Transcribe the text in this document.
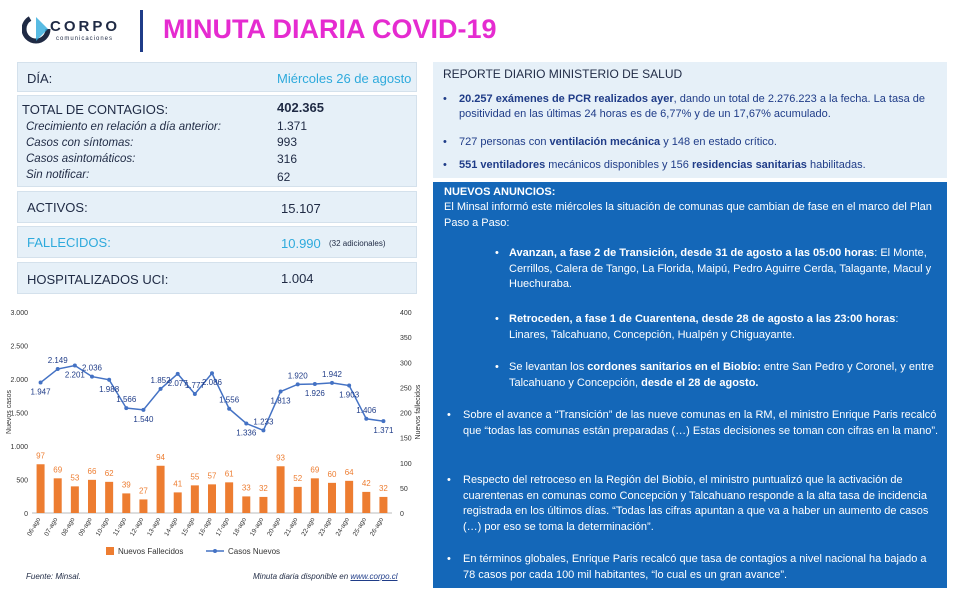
CORPO
comunicaciones MINUTA DIARIA COVID-19
DÍA:	Miércoles 26 de agosto
TOTAL DE CONTAGIOS:	402.365
Crecimiento en relación a día anterior:	1.371
Casos con síntomas:	993
Casos asintomáticos:	316
Sin notificar:	62
ACTIVOS:	15.107
FALLECIDOS:	10.990 (32 adicionales)
HOSPITALIZADOS UCI:	1.004
3.000
2.500
2.000
1.500
1.000
500
0
400
350
300
250
200
150
100
50
0
Nuevos casos	Nuevos fallecidos
97
69
53
66 62
39
27
94
41
55 57 61
33 32
93
52
69
60 64
42
32
1.947
2.149
2.201
2.036
1.988
1.566
1.540
1.852
2.077
1.777
2.086
1.556
1.336
1.233
1.813
1.920
1.926
1.942
1.903
1.406
1.371
06-ago 07-ago 08-ago 09-ago 10-ago 11-ago 12-ago 13-ago 14-ago 15-ago 16-ago 17-ago 18-ago 19-ago 20-ago 21-ago 22-ago 23-ago 24-ago 25-ago 26-ago
Nuevos Fallecidos	Casos Nuevos
Fuente: Minsal.	Minuta diaria disponible en www.corpo.cl
REPORTE DIARIO MINISTERIO DE SALUD
• 20.257 exámenes de PCR realizados ayer, dando un total de 2.276.223 a la fecha. La tasa de positividad en las últimas 24 horas es de 6,77% y de un 17,67% acumulado.
• 727 personas con ventilación mecánica y 148 en estado crítico.
• 551 ventiladores mecánicos disponibles y 156 residencias sanitarias habilitadas.
NUEVOS ANUNCIOS:
El Minsal informó este miércoles la situación de comunas que cambian de fase en el marco del Plan Paso a Paso:
• Avanzan, a fase 2 de Transición, desde 31 de agosto a las 05:00 horas: El Monte, Cerrillos, Calera de Tango, La Florida, Maipú, Pedro Aguirre Cerda, Talagante, Macul y Huechuraba.
• Retroceden, a fase 1 de Cuarentena, desde 28 de agosto a las 23:00 horas: Linares, Talcahuano, Concepción, Hualpén y Chiguayante.
• Se levantan los cordones sanitarios en el Biobío: entre San Pedro y Coronel, y entre Talcahuano y Concepción, desde el 28 de agosto.
• Sobre el avance a “Transición” de las nueve comunas en la RM, el ministro Enrique Paris recalcó que “todas las comunas están preparadas (…) Estas decisiones se toman con cifras en la mano”.
• Respecto del retroceso en la Región del Biobío, el ministro puntualizó que la activación de cuarentenas en comunas como Concepción y Talcahuano responde a la alta tasa de incidencia registrada en los últimos días. “Todas las cifras apuntan a que va a haber un aumento de casos (…) por eso se toma la determinación”.
• En términos globales, Enrique Paris recalcó que tasa de contagios a nivel nacional ha bajado a 78 casos por cada 100 mil habitantes, “lo cual es un gran avance”.
